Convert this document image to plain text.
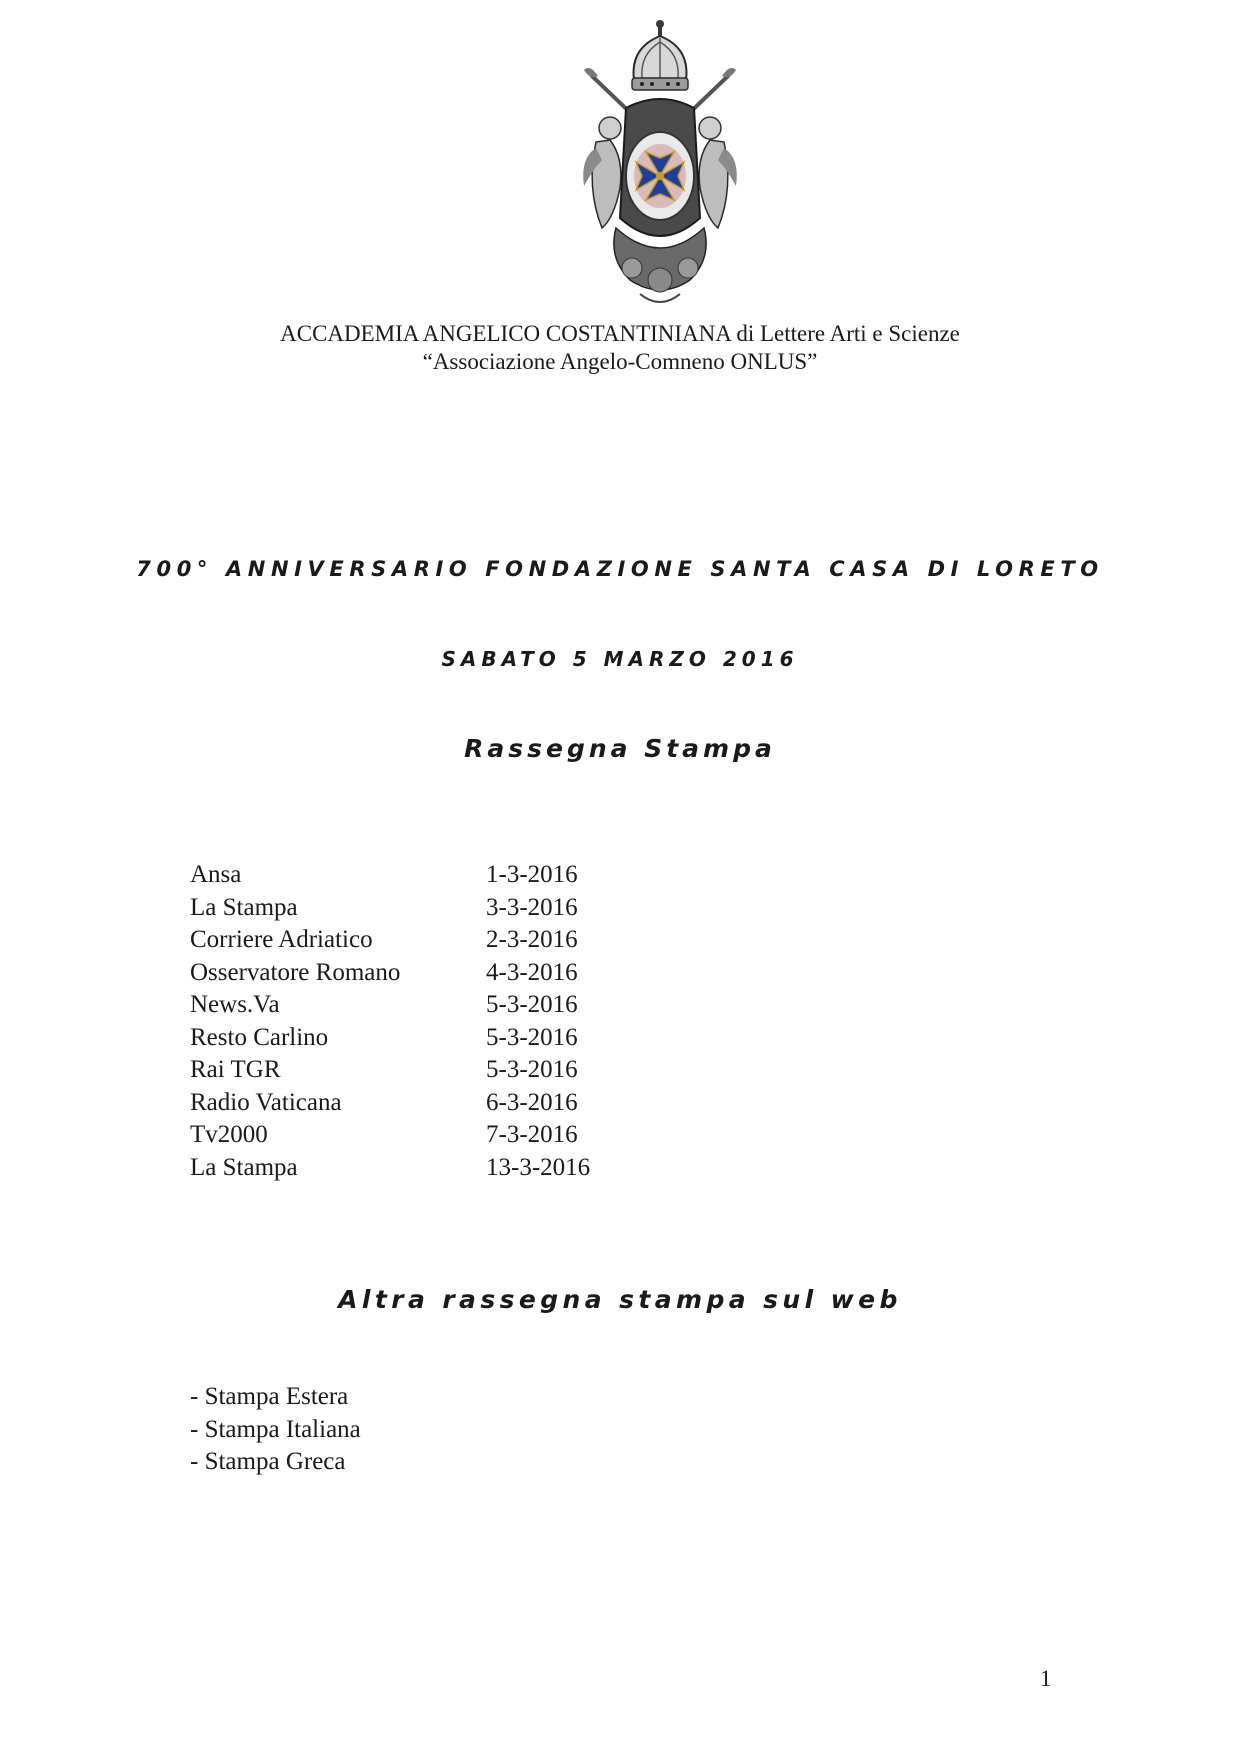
ACCADEMIA ANGELICO COSTANTINIANA di Lettere Arti e Scienze
“Associazione Angelo-Comneno ONLUS”
700° ANNIVERSARIO FONDAZIONE SANTA CASA DI LORETO
SABATO 5 MARZO 2016
Rassegna Stampa
Ansa	1-3-2016
La Stampa	3-3-2016
Corriere Adriatico	2-3-2016
Osservatore Romano	4-3-2016
News.Va	5-3-2016
Resto Carlino	5-3-2016
Rai TGR	5-3-2016
Radio Vaticana	6-3-2016
Tv2000	7-3-2016
La Stampa	13-3-2016
Altra rassegna stampa sul web
- Stampa Estera
- Stampa Italiana
- Stampa Greca
1
